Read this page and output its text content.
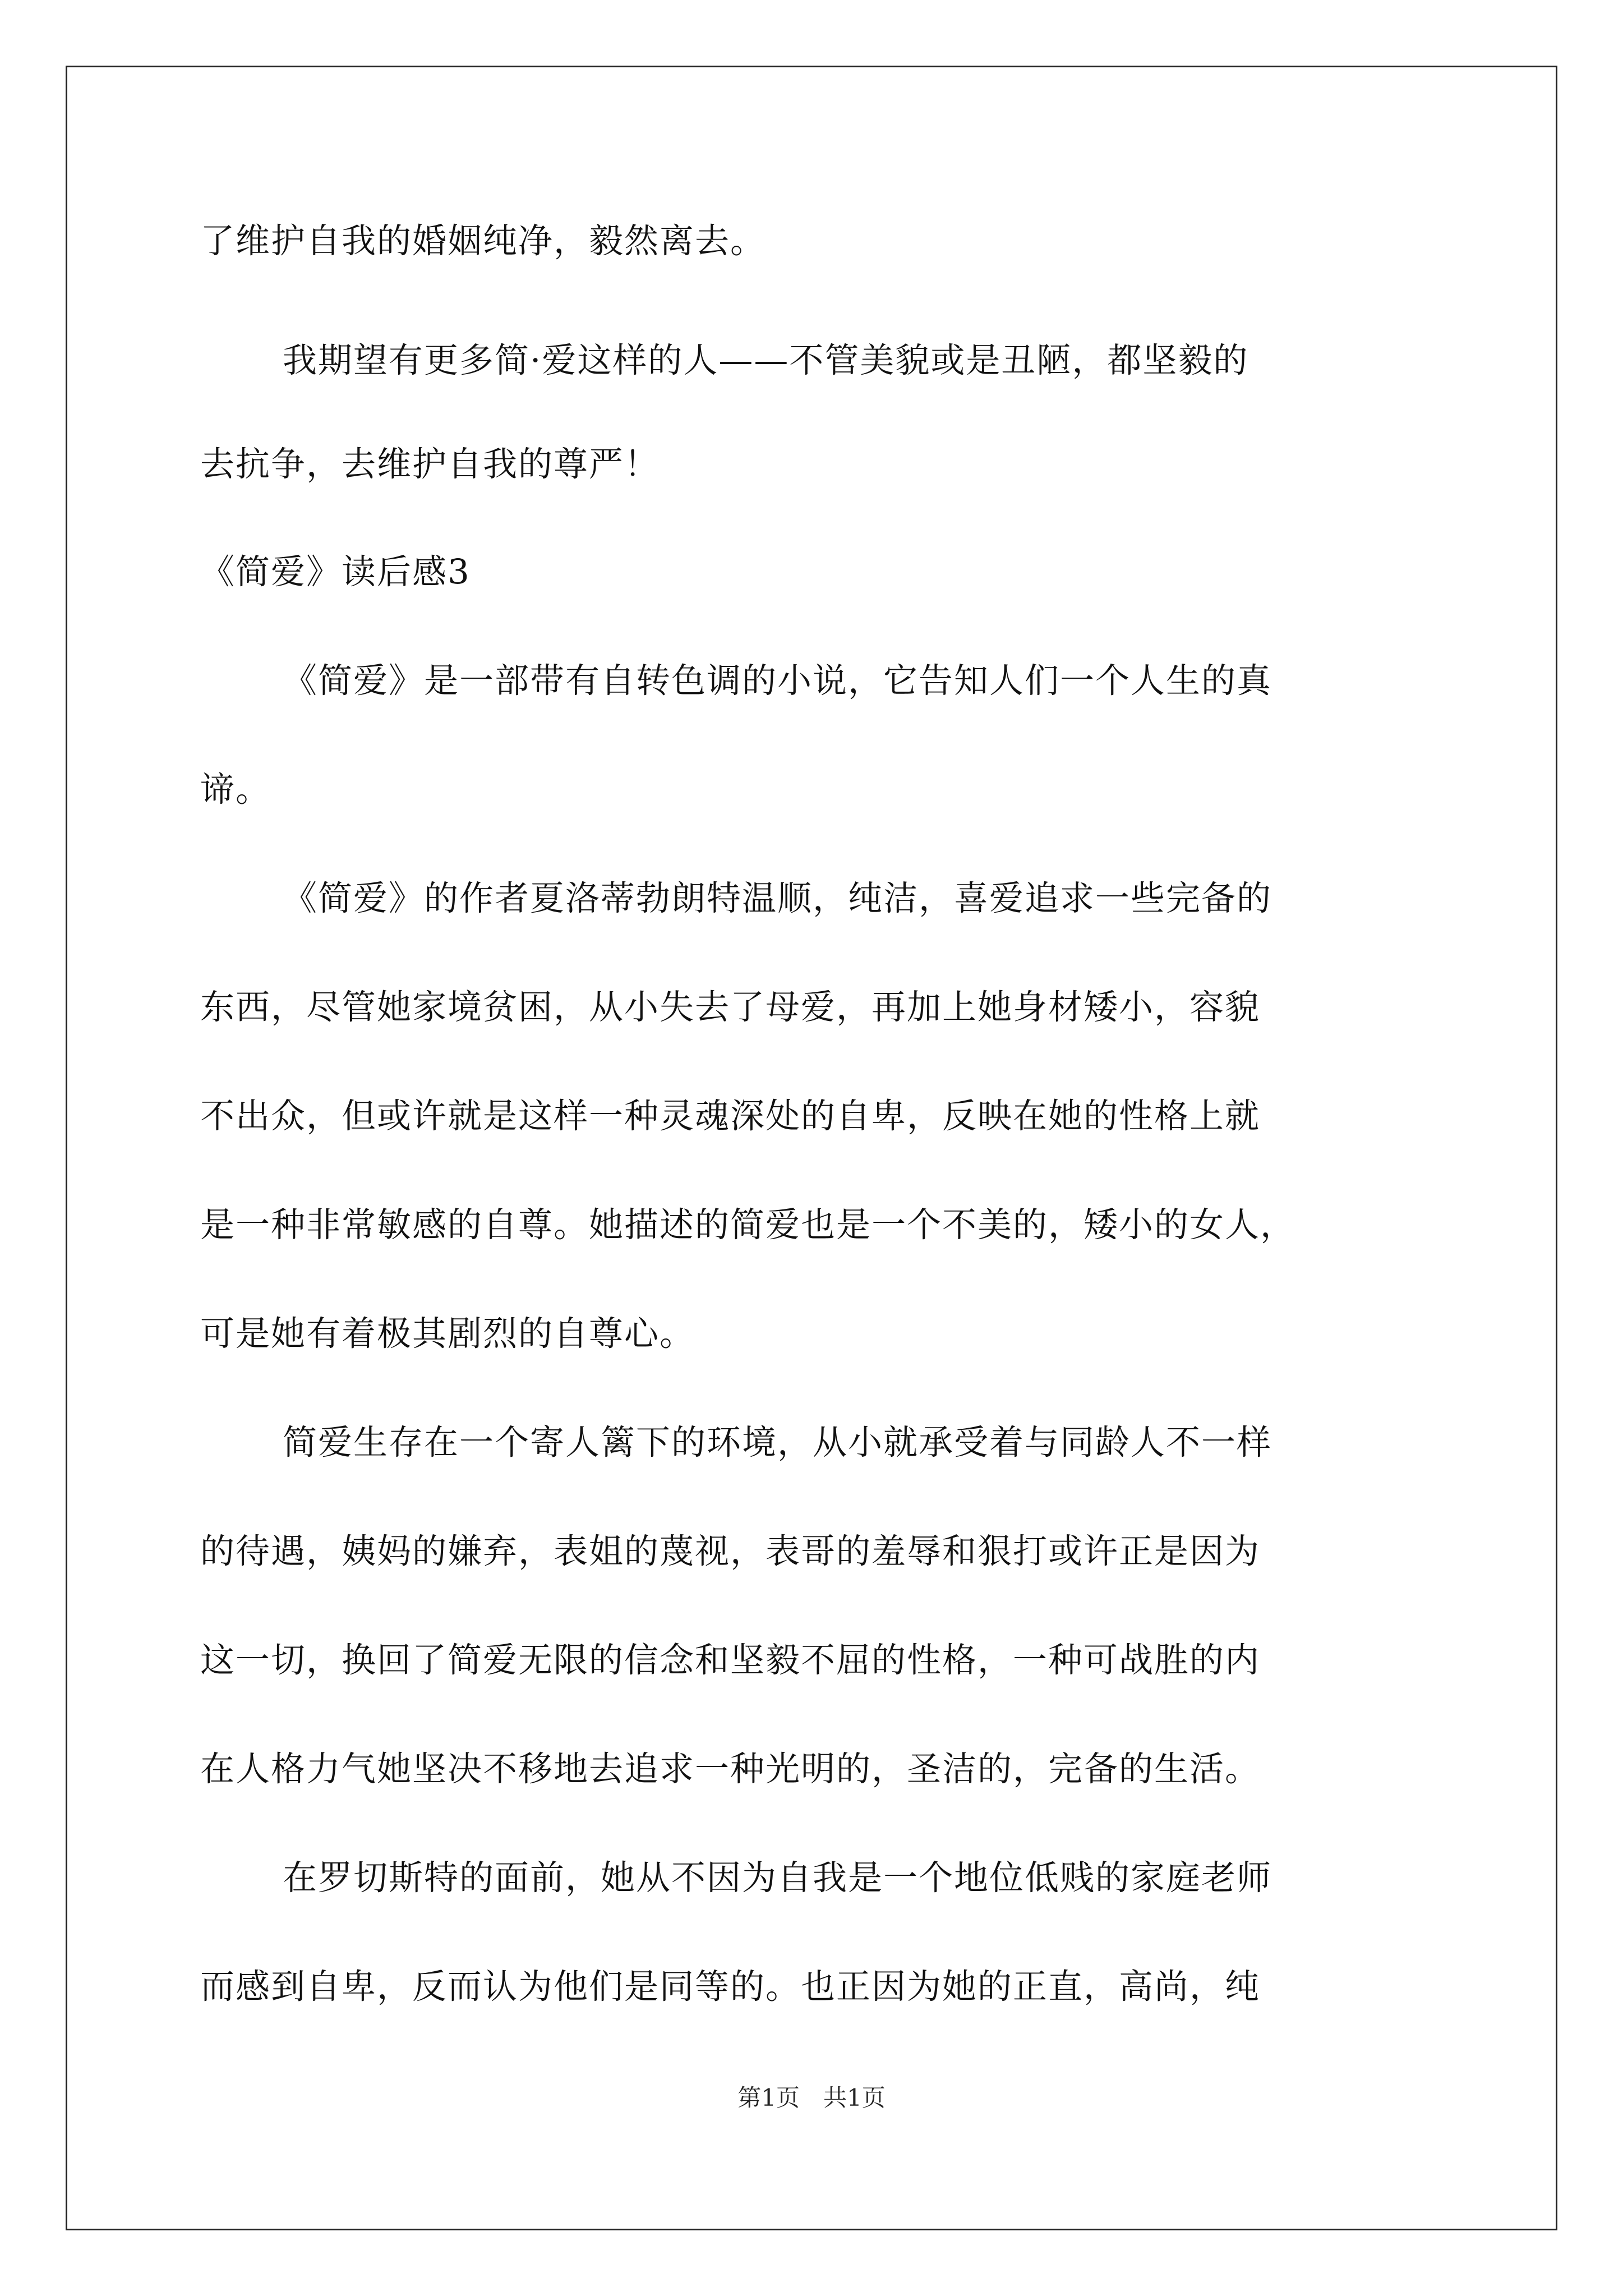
了维护自我的婚姻纯净，毅然离去。
我期望有更多简·爱这样的人——不管美貌或是丑陋，都坚毅的
去抗争，去维护自我的尊严！
《简爱》读后感3
《简爱》是一部带有自转色调的小说，它告知人们一个人生的真
谛。
《简爱》的作者夏洛蒂勃朗特温顺，纯洁，喜爱追求一些完备的
东西，尽管她家境贫困，从小失去了母爱，再加上她身材矮小，容貌
不出众，但或许就是这样一种灵魂深处的自卑，反映在她的性格上就
是一种非常敏感的自尊。她描述的简爱也是一个不美的，矮小的女人，
可是她有着极其剧烈的自尊心。
简爱生存在一个寄人篱下的环境，从小就承受着与同龄人不一样
的待遇，姨妈的嫌弃，表姐的蔑视，表哥的羞辱和狠打或许正是因为
这一切，换回了简爱无限的信念和坚毅不屈的性格，一种可战胜的内
在人格力气她坚决不移地去追求一种光明的，圣洁的，完备的生活。
在罗切斯特的面前，她从不因为自我是一个地位低贱的家庭老师
而感到自卑，反而认为他们是同等的。也正因为她的正直，高尚，纯
第1页　共1页
